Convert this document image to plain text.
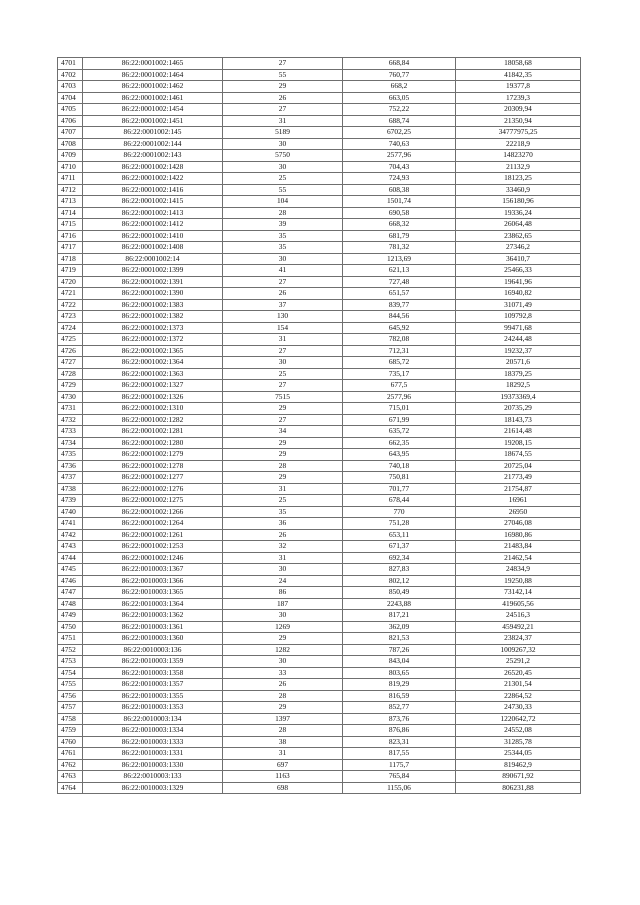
4701	86:22:0001002:1465	27	668,84	18058,68
4702	86:22:0001002:1464	55	760,77	41842,35
4703	86:22:0001002:1462	29	668,2	19377,8
4704	86:22:0001002:1461	26	663,05	17239,3
4705	86:22:0001002:1454	27	752,22	20309,94
4706	86:22:0001002:1451	31	688,74	21350,94
4707	86:22:0001002:145	5189	6702,25	34777975,25
4708	86:22:0001002:144	30	740,63	22218,9
4709	86:22:0001002:143	5750	2577,96	14823270
4710	86:22:0001002:1428	30	704,43	21132,9
4711	86:22:0001002:1422	25	724,93	18123,25
4712	86:22:0001002:1416	55	608,38	33460,9
4713	86:22:0001002:1415	104	1501,74	156180,96
4714	86:22:0001002:1413	28	690,58	19336,24
4715	86:22:0001002:1412	39	668,32	26064,48
4716	86:22:0001002:1410	35	681,79	23862,65
4717	86:22:0001002:1408	35	781,32	27346,2
4718	86:22:0001002:14	30	1213,69	36410,7
4719	86:22:0001002:1399	41	621,13	25466,33
4720	86:22:0001002:1391	27	727,48	19641,96
4721	86:22:0001002:1390	26	651,57	16940,82
4722	86:22:0001002:1383	37	839,77	31071,49
4723	86:22:0001002:1382	130	844,56	109792,8
4724	86:22:0001002:1373	154	645,92	99471,68
4725	86:22:0001002:1372	31	782,08	24244,48
4726	86:22:0001002:1365	27	712,31	19232,37
4727	86:22:0001002:1364	30	685,72	20571,6
4728	86:22:0001002:1363	25	735,17	18379,25
4729	86:22:0001002:1327	27	677,5	18292,5
4730	86:22:0001002:1326	7515	2577,96	19373369,4
4731	86:22:0001002:1310	29	715,01	20735,29
4732	86:22:0001002:1282	27	671,99	18143,73
4733	86:22:0001002:1281	34	635,72	21614,48
4734	86:22:0001002:1280	29	662,35	19208,15
4735	86:22:0001002:1279	29	643,95	18674,55
4736	86:22:0001002:1278	28	740,18	20725,04
4737	86:22:0001002:1277	29	750,81	21773,49
4738	86:22:0001002:1276	31	701,77	21754,87
4739	86:22:0001002:1275	25	678,44	16961
4740	86:22:0001002:1266	35	770	26950
4741	86:22:0001002:1264	36	751,28	27046,08
4742	86:22:0001002:1261	26	653,11	16980,86
4743	86:22:0001002:1253	32	671,37	21483,84
4744	86:22:0001002:1246	31	692,34	21462,54
4745	86:22:0010003:1367	30	827,83	24834,9
4746	86:22:0010003:1366	24	802,12	19250,88
4747	86:22:0010003:1365	86	850,49	73142,14
4748	86:22:0010003:1364	187	2243,88	419605,56
4749	86:22:0010003:1362	30	817,21	24516,3
4750	86:22:0010003:1361	1269	362,09	459492,21
4751	86:22:0010003:1360	29	821,53	23824,37
4752	86:22:0010003:136	1282	787,26	1009267,32
4753	86:22:0010003:1359	30	843,04	25291,2
4754	86:22:0010003:1358	33	803,65	26520,45
4755	86:22:0010003:1357	26	819,29	21301,54
4756	86:22:0010003:1355	28	816,59	22864,52
4757	86:22:0010003:1353	29	852,77	24730,33
4758	86:22:0010003:134	1397	873,76	1220642,72
4759	86:22:0010003:1334	28	876,86	24552,08
4760	86:22:0010003:1333	38	823,31	31285,78
4761	86:22:0010003:1331	31	817,55	25344,05
4762	86:22:0010003:1330	697	1175,7	819462,9
4763	86:22:0010003:133	1163	765,84	890671,92
4764	86:22:0010003:1329	698	1155,06	806231,88
